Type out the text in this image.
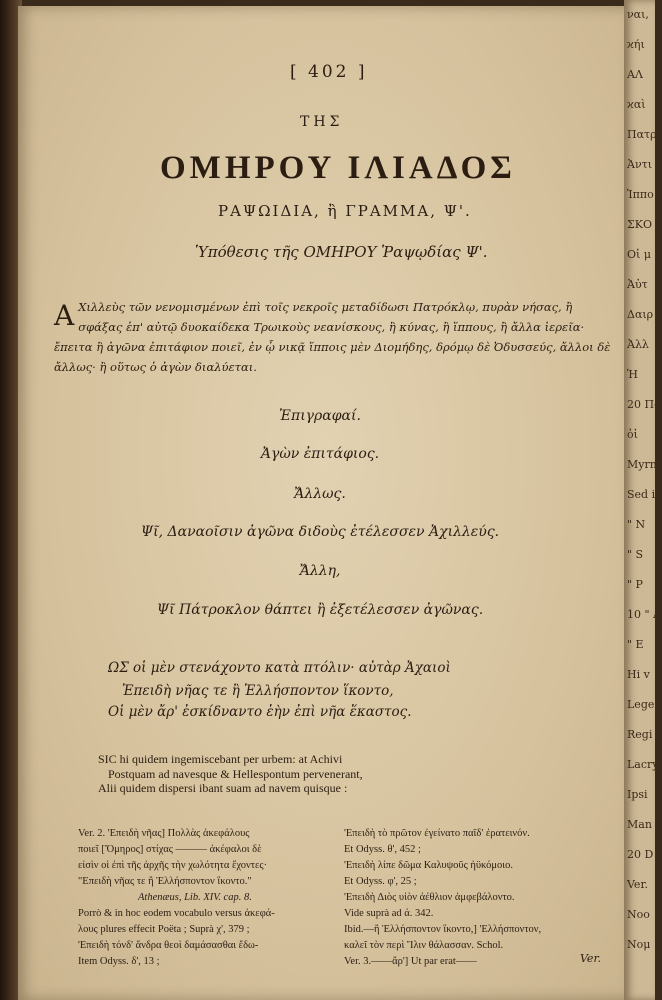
ναι,
ϰήι
ΑΛ
ϰαὶ
Πατρ
Ἀντι
Ἱππο
ΣΚΟ
Οἱ μ
Ἀὐτ
Δαιρ
Ἀλλ
Ἡ
20 Πα
ὁἱ
Myrn
Sed i
" N
" S
" P
10 " A
" E
Hi v
Lege
Regi
Lacry
Ipsi
Man
20 D
Ver.
Νοο
Νομ
[ 402 ]
ΤΗΣ
ΟΜΗΡΟΥ ΙΛΙΑΔΟΣ
ΡΑΨΩΙΔΙΑ, ἢ ΓΡΑΜΜΑ, Ψ'.
Ὑπόθεσις τῆς ΟΜΗΡΟΥ Ῥαψῳδίας Ψ'.
Α Χιλλεὺς τῶν νενομισμένων ἐπὶ τοῖς νεκροῖς μεταδίδωσι Πατρόκλῳ, πυρὰν νήσας, ἢ σφάξας ἐπ' αὐτῷ δυοκαίδεκα Τρωικοὺς νεανίσκους, ἢ κύνας, ἢ ἵππους, ἢ ἄλλα ἱερεῖα· ἔπειτα ἢ ἀγῶνα ἐπιτάφιον ποιεῖ, ἐν ᾧ νικᾷ ἵπποις μὲν Διομήδης, δρόμῳ δὲ Ὀδυσσεύς, ἄλλοι δὲ ἄλλως· ἢ οὕτως ὁ ἀγὼν διαλύεται.
Ἐπιγραφαί.
Ἀγὼν ἐπιτάφιος.
Ἄλλως.
Ψῖ, Δαναοῖσιν ἀγῶνα διδοὺς ἐτέλεσσεν Ἀχιλλεύς.
Ἄλλη,
Ψῖ Πάτροκλον θάπτει ἢ ἐξετέλεσσεν ἀγῶνας.
ΩΣ οἱ μὲν στενάχοντο κατὰ πτόλιν· αὐτὰρ Ἀχαιοὶ
Ἐπειδὴ νῆας τε ἢ Ἑλλήσποντον ἵκοντο,
Οἱ μὲν ἄρ' ἐσκίδναντο ἑὴν ἐπὶ νῆα ἕκαστος.
SIC hi quidem ingemiscebant per urbem: at Achivi
Postquam ad navesque & Hellespontum pervenerant,
Alii quidem dispersi ibant suam ad navem quisque :
Ver. 2. 'Επειδὴ νῆας] Πολλὰς ἀκεφάλους
ποιεῖ [Ὅμηρος] στίχας ——— ἀκέφαλοι δὲ
εἰσὶν οἱ ἐπὶ τῆς ἀρχῆς τὴν χωλότητα ἔχοντες·
"Επειδὴ νῆας τε ἢ Ἑλλήσποντον ἵκοντο."
Athenæus, Lib. XIV. cap. 8.
Porrò & in hoc eodem vocabulo versus ἀκεφά-
λους plures effecit Poëta ; Suprà χ', 379 ;
'Επειδὴ τόνδ' ἄνδρα θεοὶ δαμάσασθαι ἔδω-
Item Odyss. δ', 13 ;
'Επειδὴ τὸ πρῶτον ἐγείνατο παῖδ' ἐρατεινόν.
Et Odyss. θ', 452 ;
'Επειδὴ λίπε δῶμα Καλυψοῦς ἠϋκόμοιο.
Et Odyss. φ', 25 ;
'Επειδὴ Διὸς υἱὸν ἀέθλιον ἀμφεβάλοντο.
Vide suprà ad ά. 342.
Ibid.—ἢ Ἑλλήσποντον ἵκοντο,] 'Ελλήσποντον,
καλεῖ τὸν περὶ Ἴλιν θάλασσαν. Schol.
Ver. 3.——ἄρ'] Ut par erat——	Ver.
